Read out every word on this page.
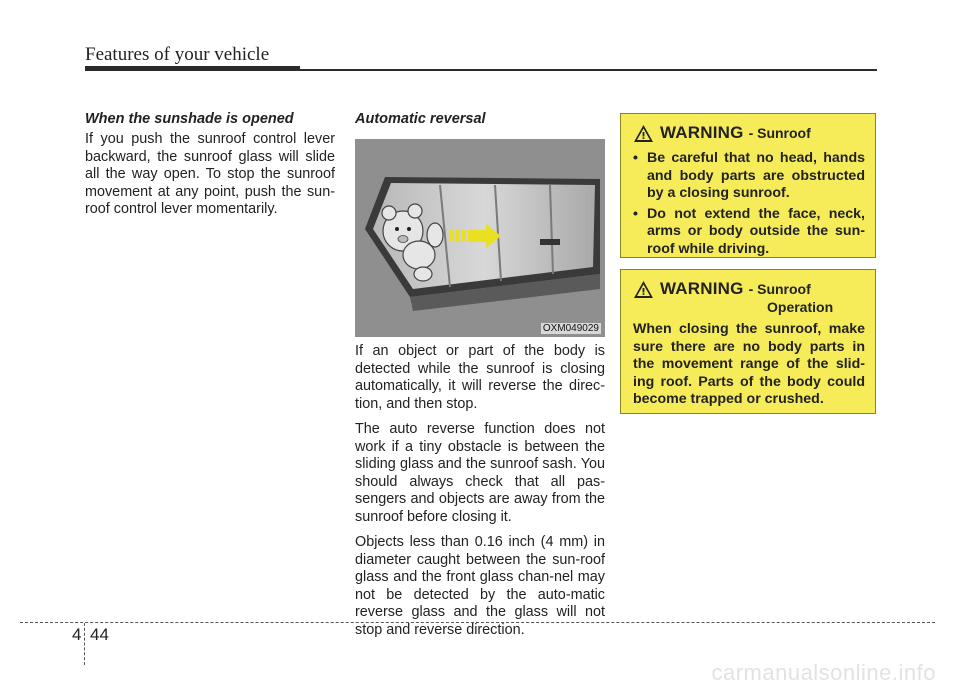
Features of your vehicle
When the sunshade is opened

If you push the sunroof control lever backward, the sunroof glass will slide all the way open. To stop the sunroof movement at any point, push the sun-roof control lever momentarily.

Automatic reversal
OXM049029

If an object or part of the body is detected while the sunroof is closing automatically, it will reverse the direc-tion, and then stop.

The auto reverse function does not work if a tiny obstacle is between the sliding glass and the sunroof sash. You should always check that all pas-sengers and objects are away from the sunroof before closing it.

Objects less than 0.16 inch (4 mm) in diameter caught between the sun-roof glass and the front glass chan-nel may not be detected by the auto-matic reverse glass and the glass will not stop and reverse direction.

WARNING - Sunroof
• Be careful that no head, hands and body parts are obstructed by a closing sunroof.
• Do not extend the face, neck, arms or body outside the sun-roof while driving.
WARNING - Sunroof
Operation
When closing the sunroof, make sure there are no body parts in the movement range of the slid-ing roof. Parts of the body could become trapped or crushed.
4 44
carmanualsonline.info
